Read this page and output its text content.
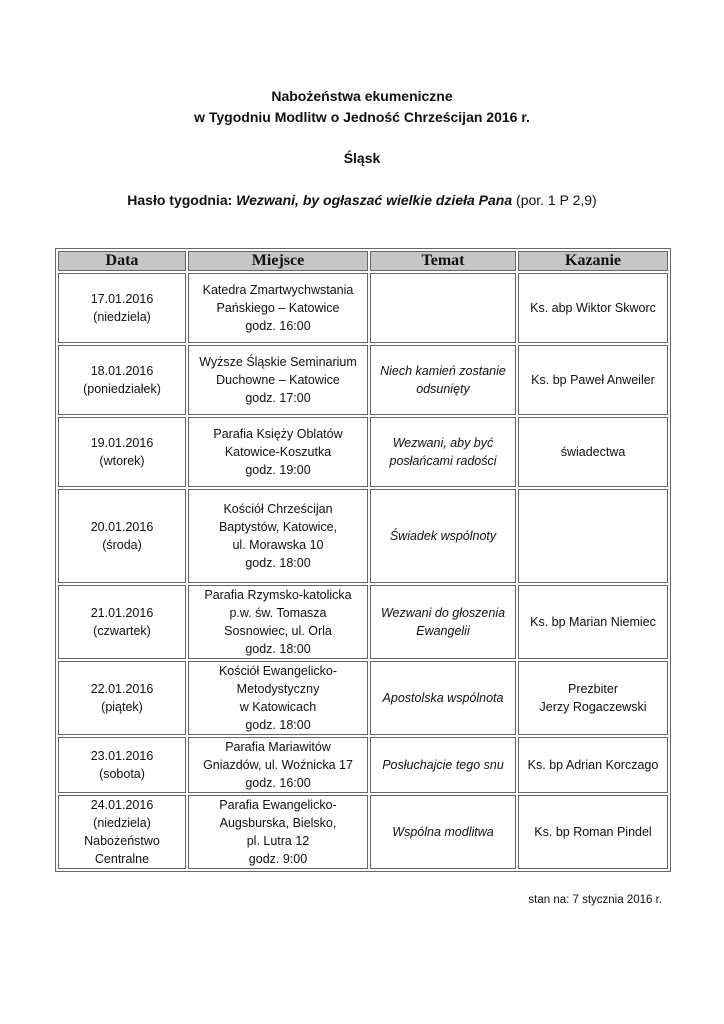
Nabożeństwa ekumeniczne
w Tygodniu Modlitw o Jedność Chrześcijan 2016 r.
Śląsk
Hasło tygodnia: Wezwani, by ogłaszać wielkie dzieła Pana (por. 1 P 2,9)
Data	Miejsce	Temat	Kazanie

17.01.2016
(niedziela)	Katedra Zmartwychwstania
Pańskiego – Katowice
godz. 16:00		Ks. abp Wiktor Skworc

18.01.2016
(poniedziałek)	Wyższe Śląskie Seminarium
Duchowne – Katowice
godz. 17:00	Niech kamień zostanie
odsunięty	Ks. bp Paweł Anweiler

19.01.2016
(wtorek)	Parafia Księży Oblatów
Katowice-Koszutka
godz. 19:00	Wezwani, aby być
posłańcami radości	świadectwa

20.01.2016
(środa)	Kościół Chrześcijan
Baptystów, Katowice,
ul. Morawska 10
godz. 18:00	Świadek wspólnoty	

21.01.2016
(czwartek)	Parafia Rzymsko-katolicka
p.w. św. Tomasza
Sosnowiec, ul. Orla
godz. 18:00	Wezwani do głoszenia
Ewangelii	Ks. bp Marian Niemiec

22.01.2016
(piątek)	Kościół Ewangelicko-
Metodystyczny
w Katowicach
godz. 18:00	Apostolska wspólnota	Prezbiter
Jerzy Rogaczewski

23.01.2016
(sobota)	Parafia Mariawitów
Gniazdów, ul. Woźnicka 17
godz. 16:00	Posłuchajcie tego snu	Ks. bp Adrian Korczago

24.01.2016
(niedziela)
Nabożeństwo
Centralne	Parafia Ewangelicko-
Augsburska, Bielsko,
pl. Lutra 12
godz. 9:00	Wspólna modlitwa	Ks. bp Roman Pindel
stan na: 7 stycznia 2016 r.
